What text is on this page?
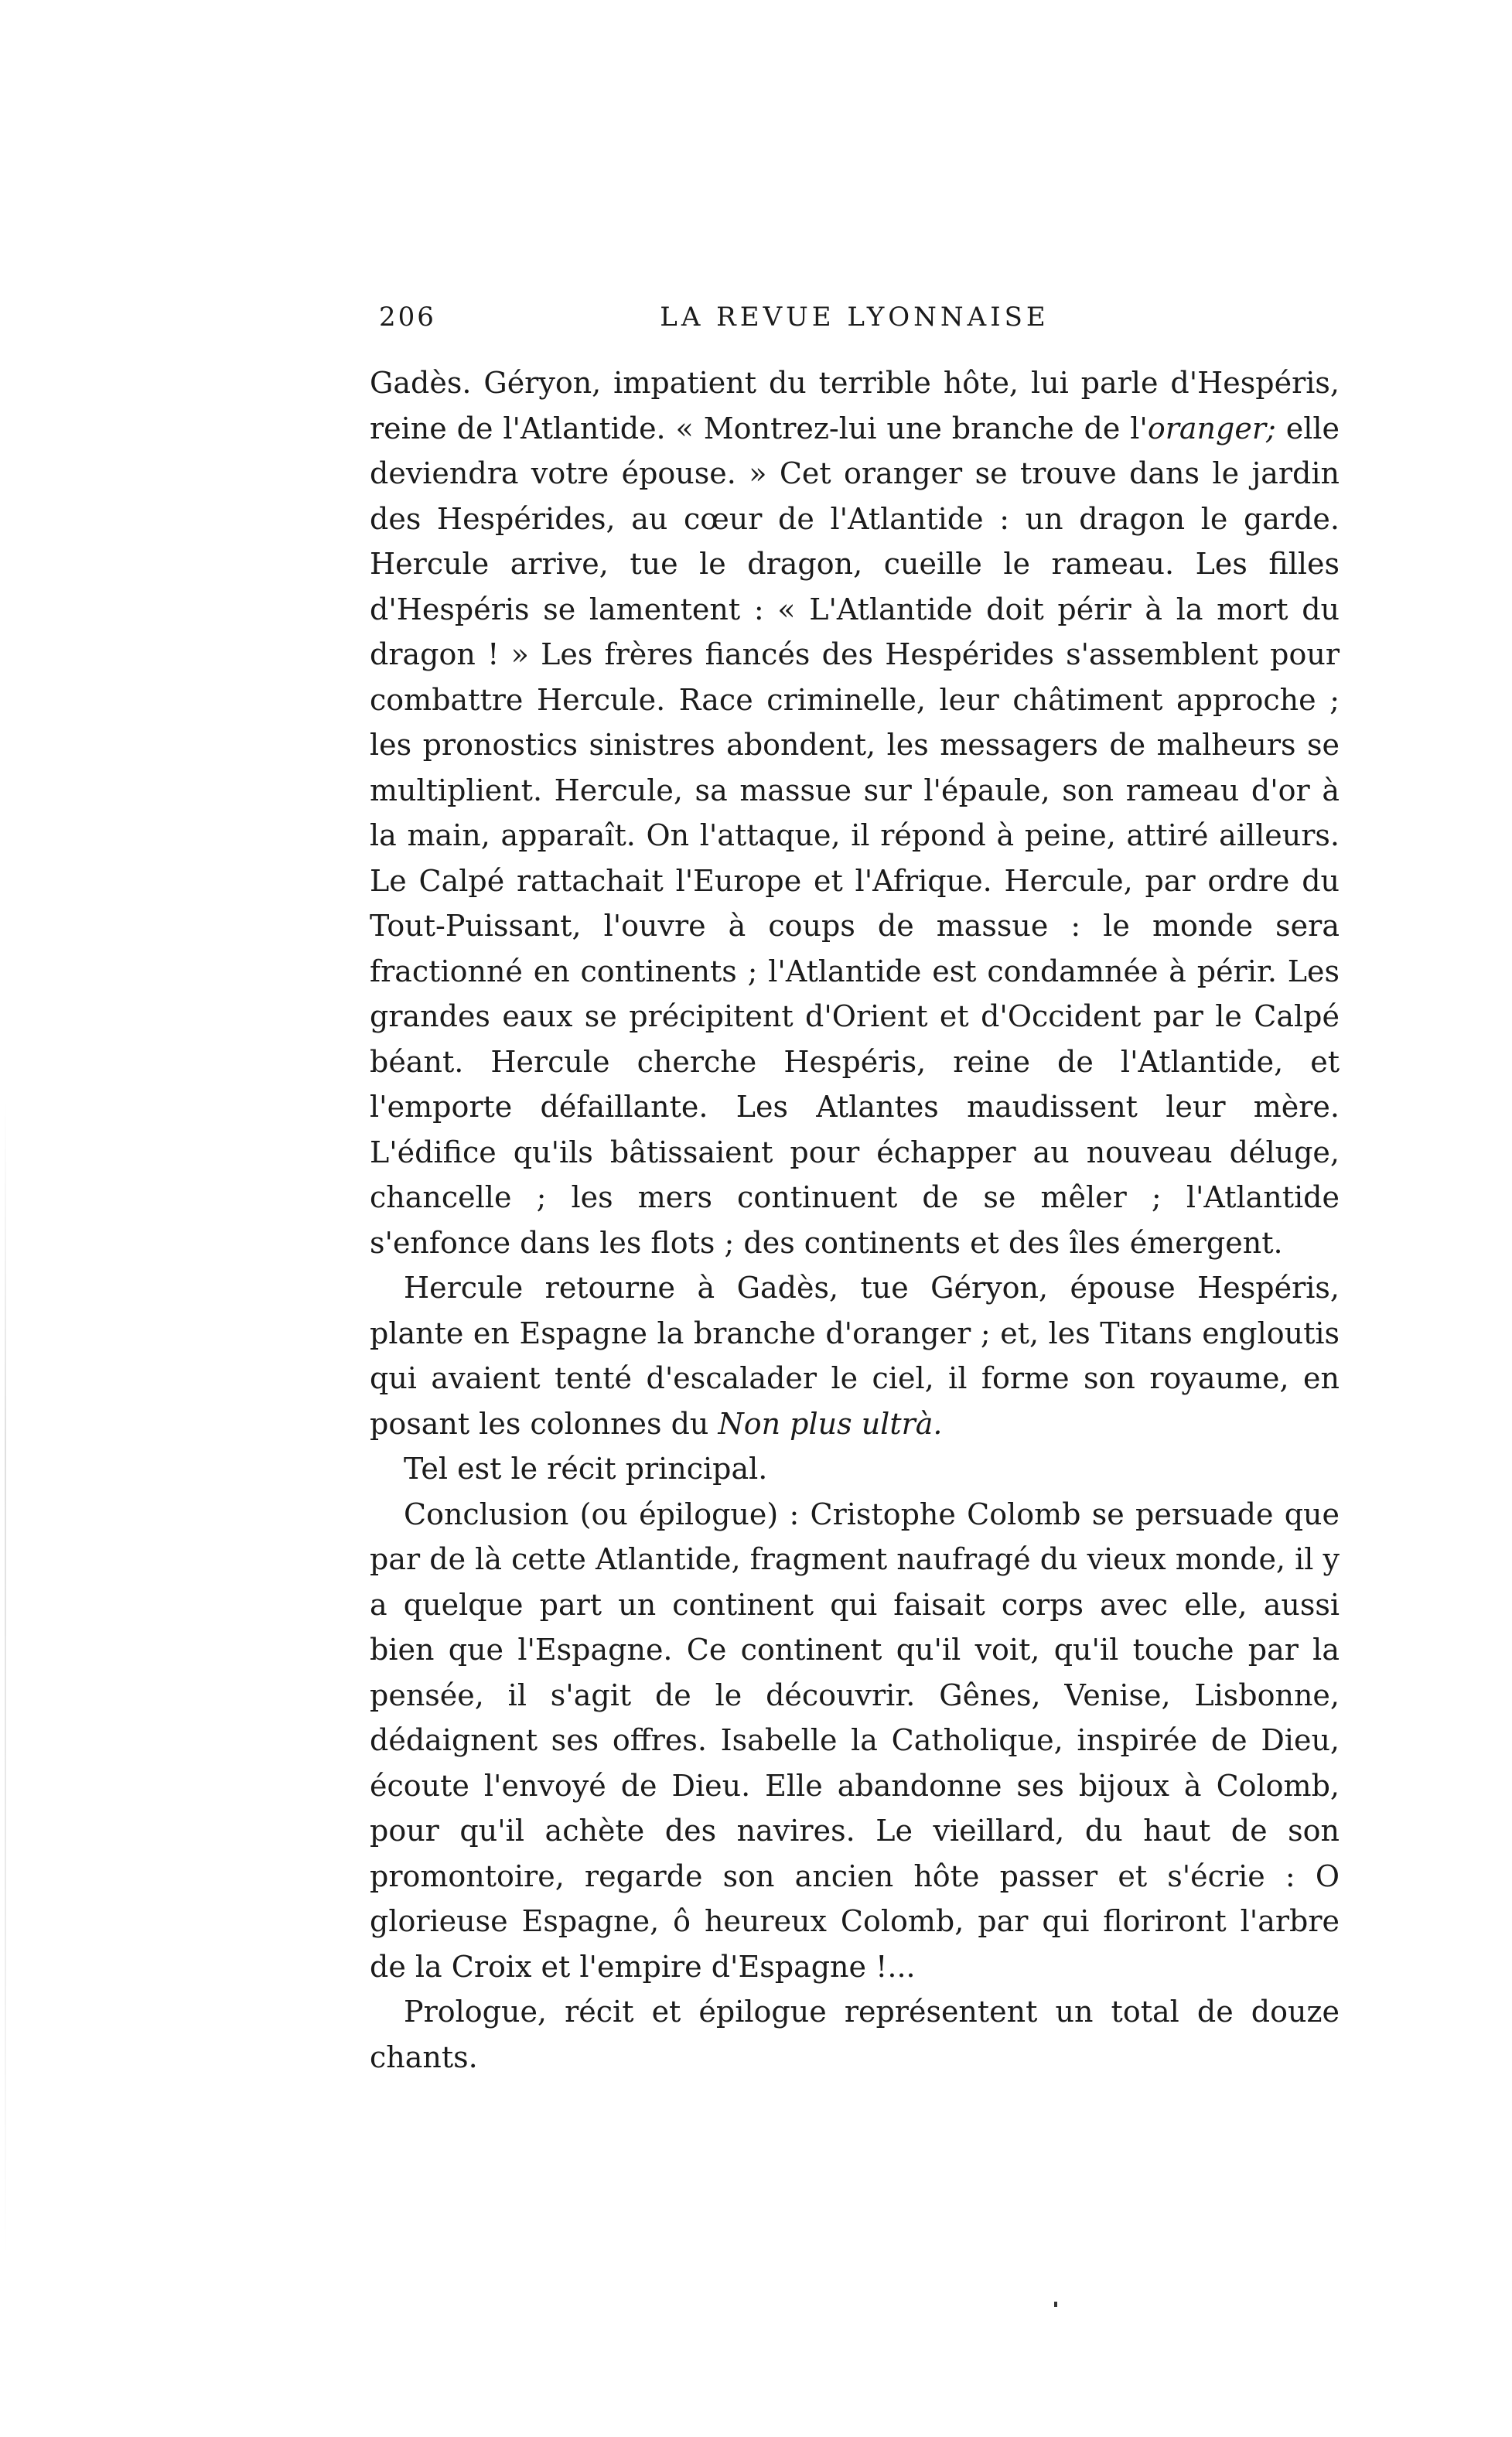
206	LA REVUE LYONNAISE

Gadès. Géryon, impatient du terrible hôte, lui parle d'Hespéris, reine de l'Atlantide. « Montrez-lui une branche de l'oranger; elle deviendra votre épouse. » Cet oranger se trouve dans le jardin des Hespérides, au cœur de l'Atlantide : un dragon le garde. Hercule arrive, tue le dragon, cueille le rameau. Les filles d'Hespéris se lamentent : « L'Atlantide doit périr à la mort du dragon ! » Les frères fiancés des Hespérides s'assemblent pour combattre Hercule. Race criminelle, leur châtiment approche ; les pronostics sinistres abondent, les messagers de malheurs se multiplient. Hercule, sa massue sur l'épaule, son rameau d'or à la main, apparaît. On l'attaque, il répond à peine, attiré ailleurs. Le Calpé rattachait l'Europe et l'Afrique. Hercule, par ordre du Tout-Puissant, l'ouvre à coups de massue : le monde sera fractionné en continents ; l'Atlantide est condamnée à périr. Les grandes eaux se précipitent d'Orient et d'Occident par le Calpé béant. Hercule cherche Hespéris, reine de l'Atlantide, et l'emporte défaillante. Les Atlantes maudissent leur mère. L'édifice qu'ils bâtissaient pour échapper au nouveau déluge, chancelle ; les mers continuent de se mêler ; l'Atlantide s'enfonce dans les flots ; des continents et des îles émergent.

Hercule retourne à Gadès, tue Géryon, épouse Hespéris, plante en Espagne la branche d'oranger ; et, les Titans engloutis qui avaient tenté d'escalader le ciel, il forme son royaume, en posant les colonnes du Non plus ultrà.

Tel est le récit principal.

Conclusion (ou épilogue) : Cristophe Colomb se persuade que par de là cette Atlantide, fragment naufragé du vieux monde, il y a quelque part un continent qui faisait corps avec elle, aussi bien que l'Espagne. Ce continent qu'il voit, qu'il touche par la pensée, il s'agit de le découvrir. Gênes, Venise, Lisbonne, dédaignent ses offres. Isabelle la Catholique, inspirée de Dieu, écoute l'envoyé de Dieu. Elle abandonne ses bijoux à Colomb, pour qu'il achète des navires. Le vieillard, du haut de son promontoire, regarde son ancien hôte passer et s'écrie : O glorieuse Espagne, ô heureux Colomb, par qui floriront l'arbre de la Croix et l'empire d'Espagne !...

Prologue, récit et épilogue représentent un total de douze chants.
